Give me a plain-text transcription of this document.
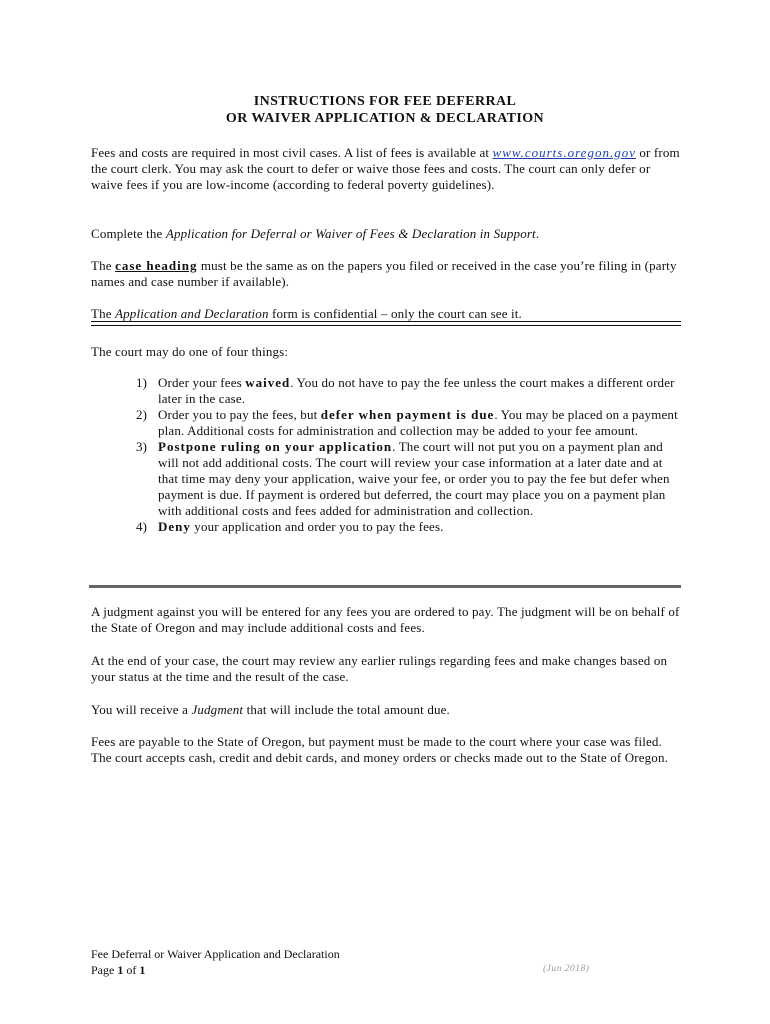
INSTRUCTIONS FOR FEE DEFERRAL
OR WAIVER APPLICATION & DECLARATION
Fees and costs are required in most civil cases. A list of fees is available at www.courts.oregon.gov or from the court clerk. You may ask the court to defer or waive those fees and costs. The court can only defer or waive fees if you are low-income (according to federal poverty guidelines).
Complete the Application for Deferral or Waiver of Fees & Declaration in Support.
The case heading must be the same as on the papers you filed or received in the case you’re filing in (party names and case number if available).
The Application and Declaration form is confidential – only the court can see it.
The court may do one of four things:
1) Order your fees waived. You do not have to pay the fee unless the court makes a different order later in the case.
2) Order you to pay the fees, but defer when payment is due. You may be placed on a payment plan. Additional costs for administration and collection may be added to your fee amount.
3) Postpone ruling on your application. The court will not put you on a payment plan and will not add additional costs. The court will review your case information at a later date and at that time may deny your application, waive your fee, or order you to pay the fee but defer when payment is due. If payment is ordered but deferred, the court may place you on a payment plan with additional costs and fees added for administration and collection.
4) Deny your application and order you to pay the fees.
A judgment against you will be entered for any fees you are ordered to pay. The judgment will be on behalf of the State of Oregon and may include additional costs and fees.
At the end of your case, the court may review any earlier rulings regarding fees and make changes based on your status at the time and the result of the case.
You will receive a Judgment that will include the total amount due.
Fees are payable to the State of Oregon, but payment must be made to the court where your case was filed. The court accepts cash, credit and debit cards, and money orders or checks made out to the State of Oregon.
Fee Deferral or Waiver Application and Declaration
Page 1 of 1	(Jun 2018)
